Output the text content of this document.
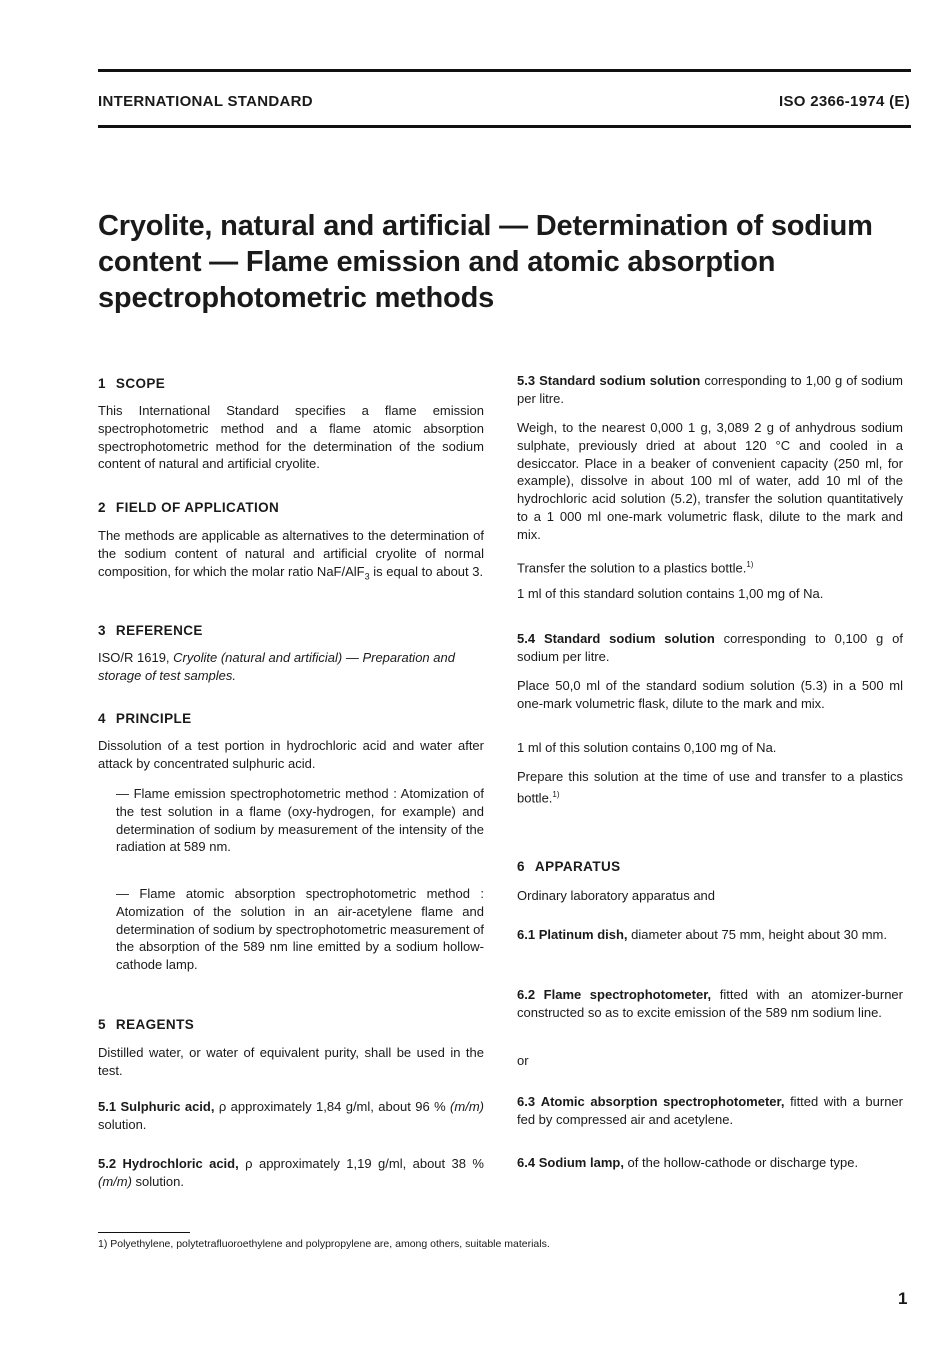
INTERNATIONAL STANDARD	ISO 2366-1974 (E)
Cryolite, natural and artificial — Determination of sodium content — Flame emission and atomic absorption spectrophotometric methods
1 SCOPE
This International Standard specifies a flame emission spectrophotometric method and a flame atomic absorption spectrophotometric method for the determination of the sodium content of natural and artificial cryolite.
2 FIELD OF APPLICATION
The methods are applicable as alternatives to the determination of the sodium content of natural and artificial cryolite of normal composition, for which the molar ratio NaF/AlF$_3$ is equal to about 3.
3 REFERENCE
ISO/R 1619, Cryolite (natural and artificial) — Preparation and storage of test samples.
4 PRINCIPLE
Dissolution of a test portion in hydrochloric acid and water after attack by concentrated sulphuric acid.
— Flame emission spectrophotometric method : Atomization of the test solution in a flame (oxy-hydrogen, for example) and determination of sodium by measurement of the intensity of the radiation at 589 nm.
— Flame atomic absorption spectrophotometric method : Atomization of the solution in an air-acetylene flame and determination of sodium by spectrophotometric measurement of the absorption of the 589 nm line emitted by a sodium hollow-cathode lamp.
5 REAGENTS
Distilled water, or water of equivalent purity, shall be used in the test.
5.1 Sulphuric acid, ρ approximately 1,84 g/ml, about 96 % (m/m) solution.
5.2 Hydrochloric acid, ρ approximately 1,19 g/ml, about 38 % (m/m) solution.
5.3 Standard sodium solution corresponding to 1,00 g of sodium per litre.
Weigh, to the nearest 0,000 1 g, 3,089 2 g of anhydrous sodium sulphate, previously dried at about 120 °C and cooled in a desiccator. Place in a beaker of convenient capacity (250 ml, for example), dissolve in about 100 ml of water, add 10 ml of the hydrochloric acid solution (5.2), transfer the solution quantitatively to a 1 000 ml one-mark volumetric flask, dilute to the mark and mix.
Transfer the solution to a plastics bottle.$^{1)}$
1 ml of this standard solution contains 1,00 mg of Na.
5.4 Standard sodium solution corresponding to 0,100 g of sodium per litre.
Place 50,0 ml of the standard sodium solution (5.3) in a 500 ml one-mark volumetric flask, dilute to the mark and mix.
1 ml of this solution contains 0,100 mg of Na.
Prepare this solution at the time of use and transfer to a plastics bottle.$^{1)}$
6 APPARATUS
Ordinary laboratory apparatus and
6.1 Platinum dish, diameter about 75 mm, height about 30 mm.
6.2 Flame spectrophotometer, fitted with an atomizer-burner constructed so as to excite emission of the 589 nm sodium line.
or
6.3 Atomic absorption spectrophotometer, fitted with a burner fed by compressed air and acetylene.
6.4 Sodium lamp, of the hollow-cathode or discharge type.
1) Polyethylene, polytetrafluoroethylene and polypropylene are, among others, suitable materials.
1
